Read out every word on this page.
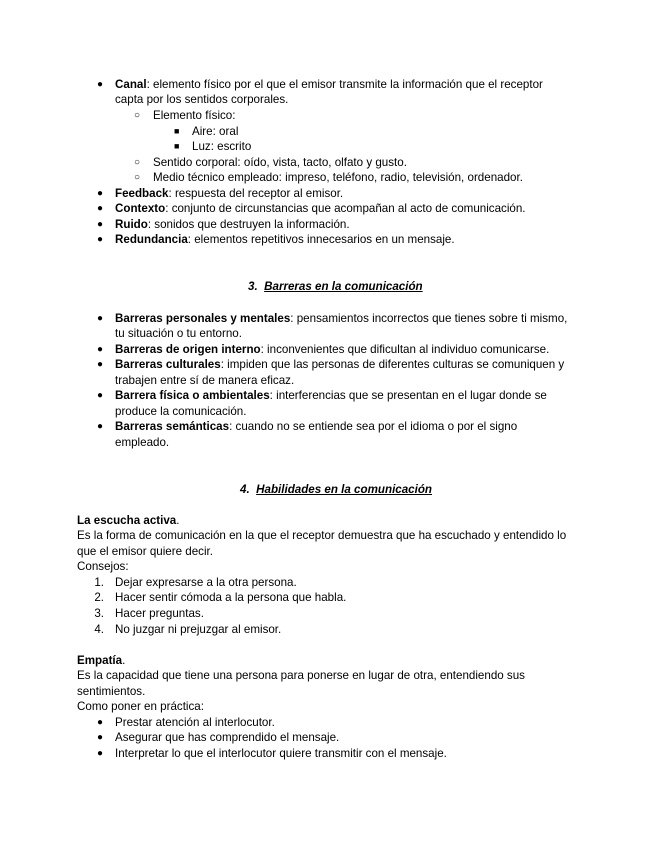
● Canal: elemento físico por el que el emisor transmite la información que el receptor
capta por los sentidos corporales.
○ Elemento físico:
■ Aire: oral
■ Luz: escrito
○ Sentido corporal: oído, vista, tacto, olfato y gusto.
○ Medio técnico empleado: impreso, teléfono, radio, televisión, ordenador.
● Feedback: respuesta del receptor al emisor.
● Contexto: conjunto de circunstancias que acompañan al acto de comunicación.
● Ruido: sonidos que destruyen la información.
● Redundancia: elementos repetitivos innecesarios en un mensaje.
3. Barreras en la comunicación
● Barreras personales y mentales: pensamientos incorrectos que tienes sobre ti mismo,
tu situación o tu entorno.
● Barreras de origen interno: inconvenientes que dificultan al individuo comunicarse.
● Barreras culturales: impiden que las personas de diferentes culturas se comuniquen y
trabajen entre sí de manera eficaz.
● Barrera física o ambientales: interferencias que se presentan en el lugar donde se
produce la comunicación.
● Barreras semánticas: cuando no se entiende sea por el idioma o por el signo
empleado.
4. Habilidades en la comunicación
La escucha activa.
Es la forma de comunicación en la que el receptor demuestra que ha escuchado y entendido lo
que el emisor quiere decir.
Consejos:
1. Dejar expresarse a la otra persona.
2. Hacer sentir cómoda a la persona que habla.
3. Hacer preguntas.
4. No juzgar ni prejuzgar al emisor.
Empatía.
Es la capacidad que tiene una persona para ponerse en lugar de otra, entendiendo sus
sentimientos.
Como poner en práctica:
● Prestar atención al interlocutor.
● Asegurar que has comprendido el mensaje.
● Interpretar lo que el interlocutor quiere transmitir con el mensaje.
